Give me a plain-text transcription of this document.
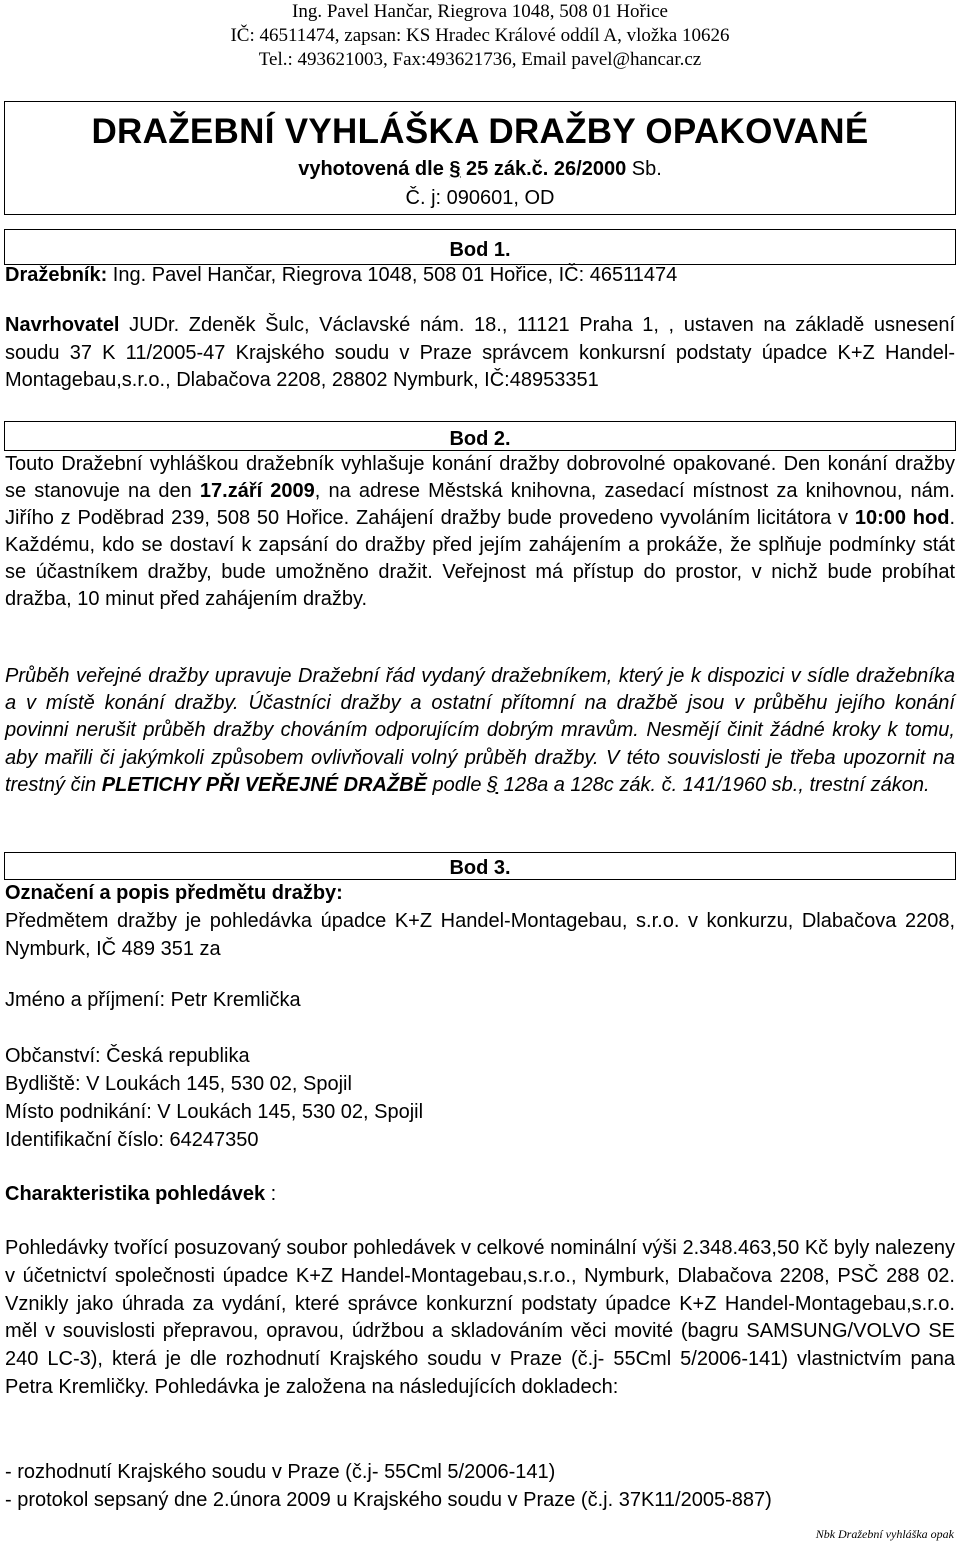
Ing. Pavel Hančar, Riegrova 1048, 508 01 Hořice
IČ: 46511474, zapsan: KS Hradec Králové oddíl A, vložka 10626
Tel.: 493621003, Fax:493621736, Email pavel@hancar.cz
DRAŽEBNÍ VYHLÁŠKA DRAŽBY OPAKOVANÉ
vyhotovená dle § 25 zák.č. 26/2000 Sb.
Č. j: 090601, OD
Bod 1.
Dražebník: Ing. Pavel Hančar, Riegrova 1048, 508 01 Hořice, IČ: 46511474
Navrhovatel JUDr. Zdeněk Šulc, Václavské nám. 18., 11121 Praha 1, , ustaven na základě usnesení soudu 37 K 11/2005-47 Krajského soudu v Praze správcem konkursní podstaty úpadce K+Z Handel-Montagebau,s.r.o., Dlabačova 2208, 28802 Nymburk, IČ:48953351
Bod 2.
Touto Dražební vyhláškou dražebník vyhlašuje konání dražby dobrovolné opakované. Den konání dražby se stanovuje na den 17.září 2009, na adrese Městská knihovna, zasedací místnost za knihovnou, nám. Jiřího z Poděbrad 239, 508 50 Hořice. Zahájení dražby bude provedeno vyvoláním licitátora v 10:00 hod. Každému, kdo se dostaví k zapsání do dražby před jejím zahájením a prokáže, že splňuje podmínky stát se účastníkem dražby, bude umožněno dražit. Veřejnost má přístup do prostor, v nichž bude probíhat dražba, 10 minut před zahájením dražby.
Průběh veřejné dražby upravuje Dražební řád vydaný dražebníkem, který je k dispozici v sídle dražebníka a v místě konání dražby. Účastníci dražby a ostatní přítomní na dražbě jsou v průběhu jejího konání povinni nerušit průběh dražby chováním odporujícím dobrým mravům. Nesmějí činit žádné kroky k tomu, aby mařili či jakýmkoli způsobem ovlivňovali volný průběh dražby. V této souvislosti je třeba upozornit na trestný čin PLETICHY PŘI VEŘEJNÉ DRAŽBĚ podle § 128a a 128c zák. č. 141/1960 sb., trestní zákon.
Bod 3.
Označení a popis předmětu dražby:
Předmětem dražby je pohledávka úpadce K+Z Handel-Montagebau, s.r.o. v konkurzu, Dlabačova 2208, Nymburk, IČ 489 351 za
Jméno a příjmení: Petr Kremlička
Občanství: Česká republika
Bydliště: V Loukách 145, 530 02, Spojil
Místo podnikání: V Loukách 145, 530 02, Spojil
Identifikační číslo: 64247350
Charakteristika pohledávek :
Pohledávky tvořící posuzovaný soubor pohledávek v celkové nominální výši 2.348.463,50 Kč byly nalezeny v účetnictví společnosti úpadce K+Z Handel-Montagebau,s.r.o., Nymburk, Dlabačova 2208, PSČ 288 02. Vznikly jako úhrada za vydání, které správce konkurzní podstaty úpadce K+Z Handel-Montagebau,s.r.o. měl v souvislosti přepravou, opravou, údržbou a skladováním věci movité (bagru SAMSUNG/VOLVO SE 240 LC-3), která je dle rozhodnutí Krajského soudu v Praze (č.j- 55Cml 5/2006-141) vlastnictvím pana Petra Kremličky. Pohledávka je založena na následujících dokladech:
- rozhodnutí Krajského soudu v Praze (č.j- 55Cml 5/2006-141)
- protokol sepsaný dne 2.února 2009 u Krajského soudu v Praze (č.j. 37K11/2005-887)
Nbk Dražební vyhláška opak
